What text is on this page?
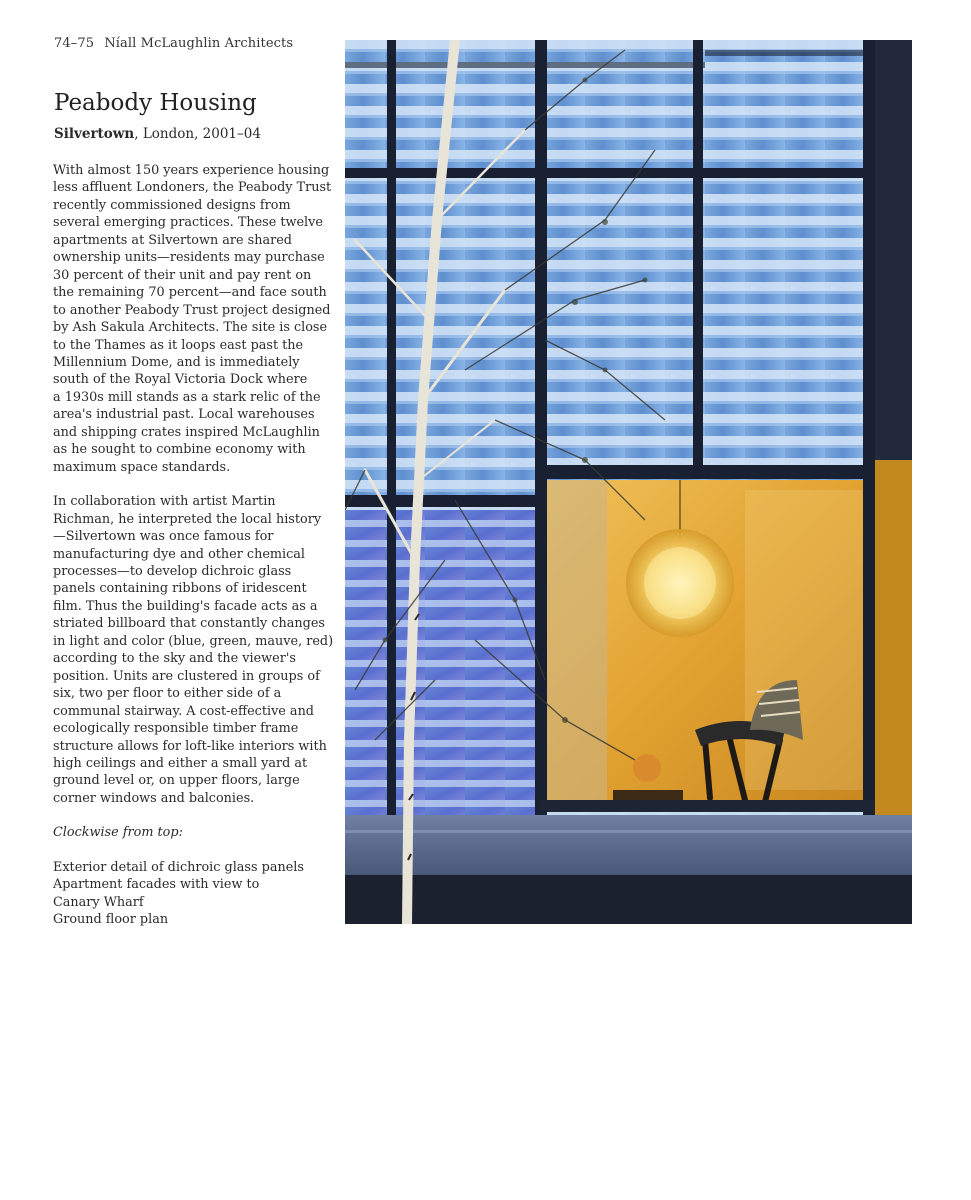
74–75 Níall McLaughlin Architects
Peabody Housing
Silvertown, London, 2001–04

With almost 150 years experience housing
less affluent Londoners, the Peabody Trust
recently commissioned designs from
several emerging practices. These twelve
apartments at Silvertown are shared
ownership units—residents may purchase
30 percent of their unit and pay rent on
the remaining 70 percent—and face south
to another Peabody Trust project designed
by Ash Sakula Architects. The site is close
to the Thames as it loops east past the
Millennium Dome, and is immediately
south of the Royal Victoria Dock where
a 1930s mill stands as a stark relic of the
area's industrial past. Local warehouses
and shipping crates inspired McLaughlin
as he sought to combine economy with
maximum space standards.

In collaboration with artist Martin
Richman, he interpreted the local history
—Silvertown was once famous for
manufacturing dye and other chemical
processes—to develop dichroic glass
panels containing ribbons of iridescent
film. Thus the building's facade acts as a
striated billboard that constantly changes
in light and color (blue, green, mauve, red)
according to the sky and the viewer's
position. Units are clustered in groups of
six, two per floor to either side of a
communal stairway. A cost-effective and
ecologically responsible timber frame
structure allows for loft-like interiors with
high ceilings and either a small yard at
ground level or, on upper floors, large
corner windows and balconies.

Clockwise from top:

Exterior detail of dichroic glass panels
Apartment facades with view to
Canary Wharf
Ground floor plan
